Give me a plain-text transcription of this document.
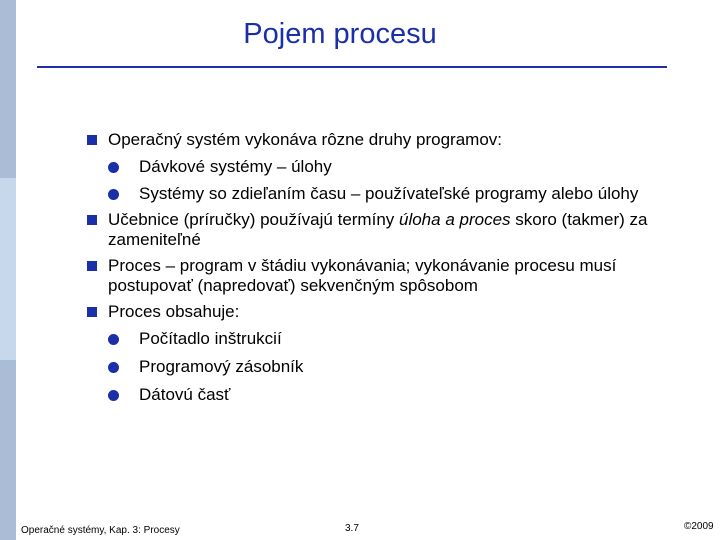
Pojem procesu
Operačný systém vykonáva rôzne druhy programov:
Dávkové systémy – úlohy
Systémy so zdieľaním času – používateľské programy alebo úlohy
Učebnice (príručky) používajú termíny úloha a proces skoro (takmer) za zameniteľné
Proces – program v štádiu vykonávania; vykonávanie procesu musí postupovať (napredovať) sekvenčným spôsobom
Proces obsahuje:
Počítadlo inštrukcií
Programový zásobník
Dátovú časť
Operačné systémy, Kap. 3: Procesy	3.7	©2009
